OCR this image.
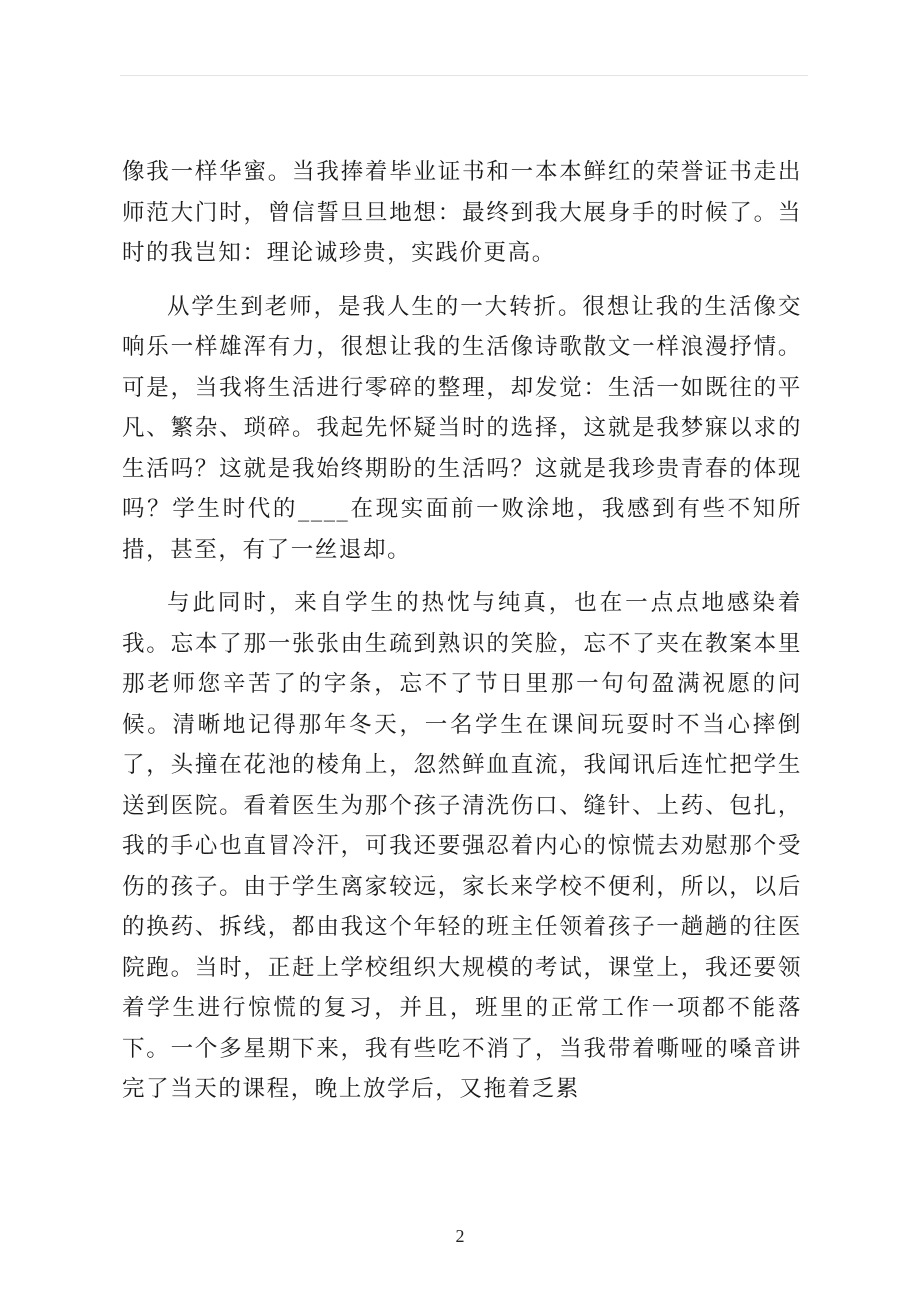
像我一样华蜜。当我捧着毕业证书和一本本鲜红的荣誉证书走出师范大门时，曾信誓旦旦地想：最终到我大展身手的时候了。当时的我岂知：理论诚珍贵，实践价更高。

从学生到老师，是我人生的一大转折。很想让我的生活像交响乐一样雄浑有力，很想让我的生活像诗歌散文一样浪漫抒情。可是，当我将生活进行零碎的整理，却发觉：生活一如既往的平凡、繁杂、琐碎。我起先怀疑当时的选择，这就是我梦寐以求的生活吗？这就是我始终期盼的生活吗？这就是我珍贵青春的体现吗？学生时代的____在现实面前一败涂地，我感到有些不知所措，甚至，有了一丝退却。

与此同时，来自学生的热忱与纯真，也在一点点地感染着我。忘本了那一张张由生疏到熟识的笑脸，忘不了夹在教案本里那老师您辛苦了的字条，忘不了节日里那一句句盈满祝愿的问候。清晰地记得那年冬天，一名学生在课间玩耍时不当心摔倒了，头撞在花池的棱角上，忽然鲜血直流，我闻讯后连忙把学生送到医院。看着医生为那个孩子清洗伤口、缝针、上药、包扎，我的手心也直冒冷汗，可我还要强忍着内心的惊慌去劝慰那个受伤的孩子。由于学生离家较远，家长来学校不便利，所以，以后的换药、拆线，都由我这个年轻的班主任领着孩子一趟趟的往医院跑。当时，正赶上学校组织大规模的考试，课堂上，我还要领着学生进行惊慌的复习，并且，班里的正常工作一项都不能落下。一个多星期下来，我有些吃不消了，当我带着嘶哑的嗓音讲完了当天的课程，晚上放学后，又拖着乏累

2
